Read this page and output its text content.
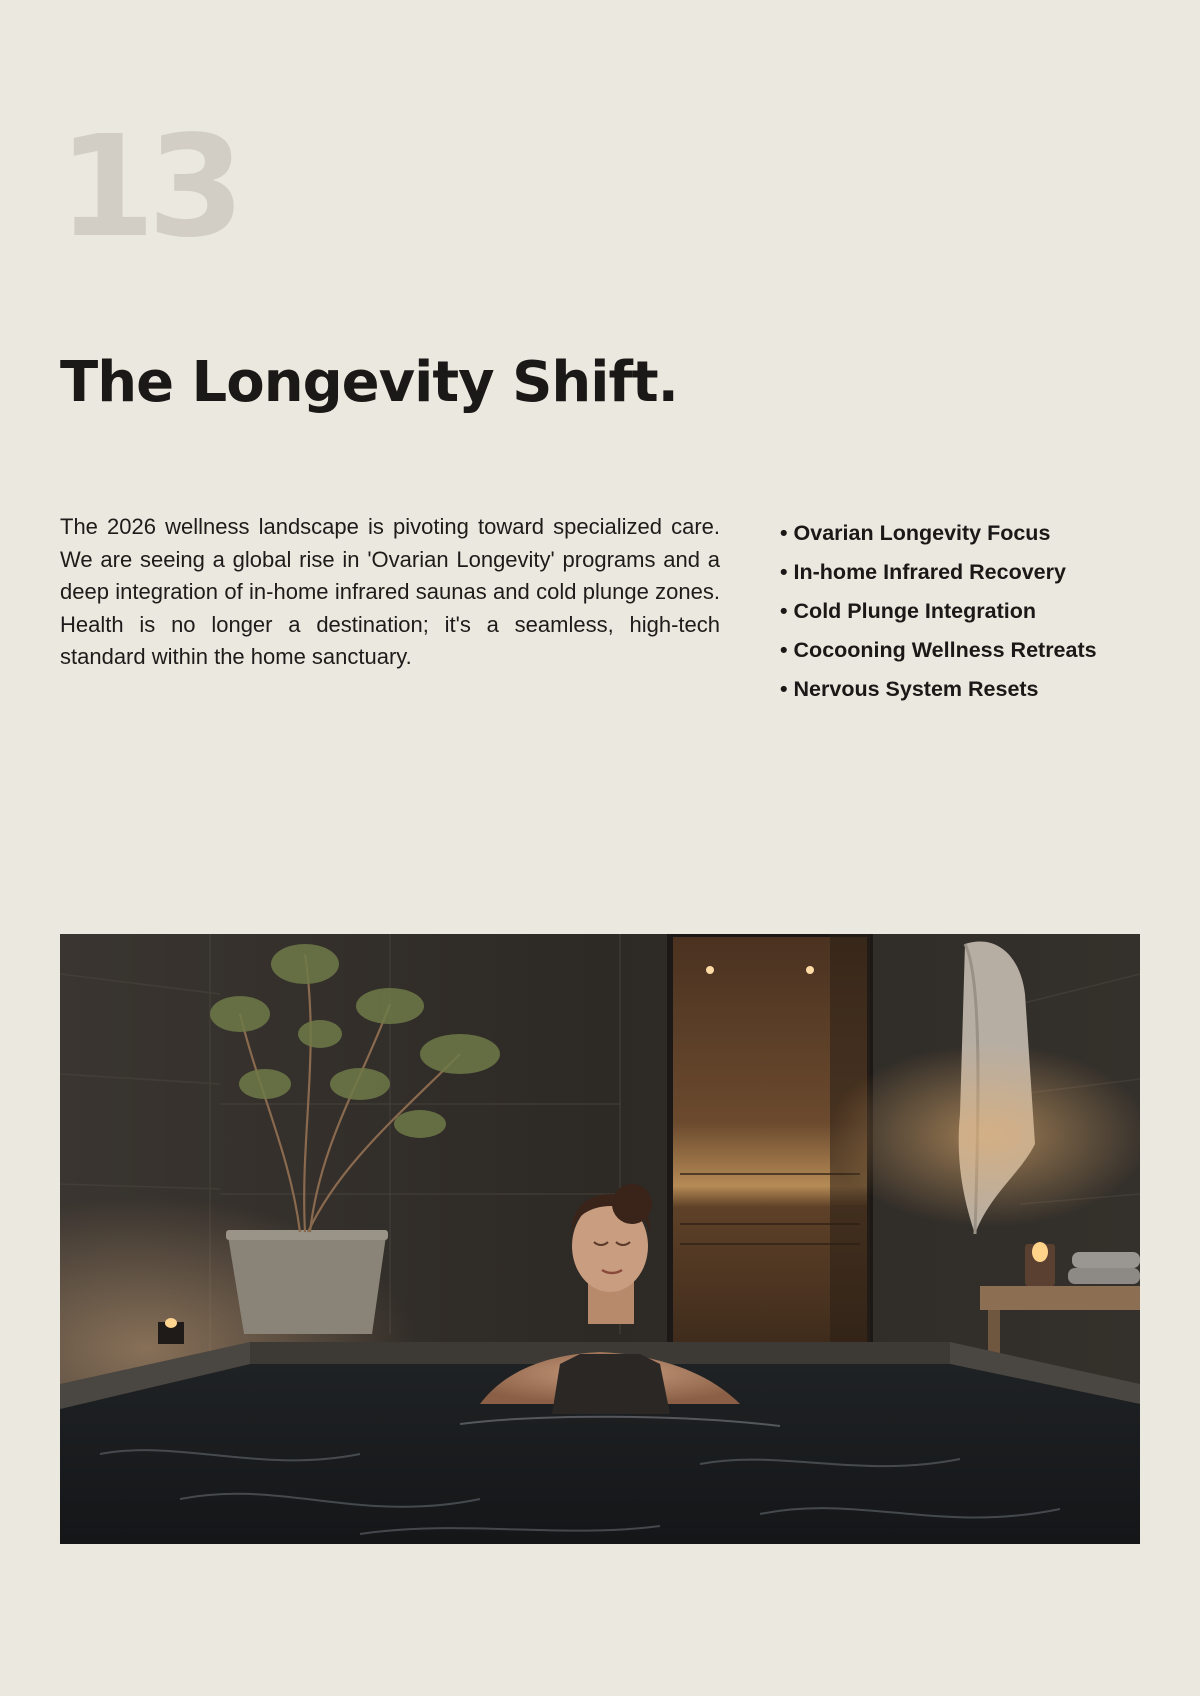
13
The Longevity Shift.

The 2026 wellness landscape is pivoting toward specialized care. We are seeing a global rise in 'Ovarian Longevity' programs and a deep integration of in-home infrared saunas and cold plunge zones. Health is no longer a destination; it's a seamless, high-tech standard within the home sanctuary.

• Ovarian Longevity Focus
• In-home Infrared Recovery
• Cold Plunge Integration
• Cocooning Wellness Retreats
• Nervous System Resets
